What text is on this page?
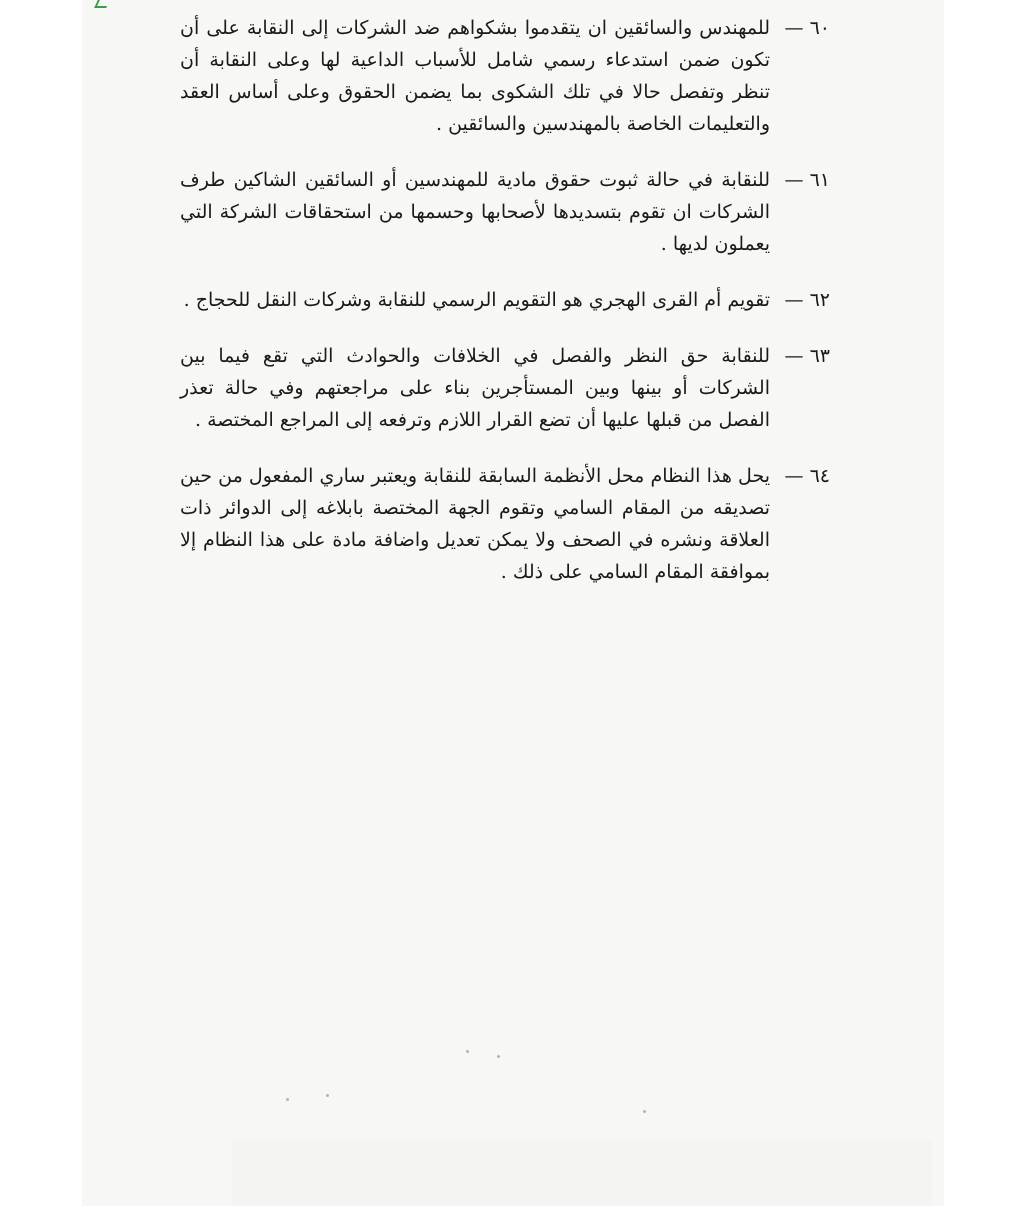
٦٠ —
للمهندس والسائقين ان يتقدموا بشكواهم ضد الشركات إلى النقابة على أن تكون ضمن استدعاء رسمي شامل للأسباب الداعية لها وعلى النقابة أن تنظر وتفصل حالا في تلك الشكوى بما يضمن الحقوق وعلى أساس العقد والتعليمات الخاصة بالمهندسين والسائقين .
٦١ —
للنقابة في حالة ثبوت حقوق مادية للمهندسين أو السائقين الشاكين طرف الشركات ان تقوم بتسديدها لأصحابها وحسمها من استحقاقات الشركة التي يعملون لديها .
٦٢ —
تقويم أم القرى الهجري هو التقويم الرسمي للنقابة وشركات النقل للحجاج .
٦٣ —
للنقابة حق النظر والفصل في الخلافات والحوادث التي تقع فيما بين الشركات أو بينها وبين المستأجرين بناء على مراجعتهم وفي حالة تعذر الفصل من قبلها عليها أن تضع القرار اللازم وترفعه إلى المراجع المختصة .
٦٤ —
يحل هذا النظام محل الأنظمة السابقة للنقابة ويعتبر ساري المفعول من حين تصديقه من المقام السامي وتقوم الجهة المختصة بابلاغه إلى الدوائر ذات العلاقة ونشره في الصحف ولا يمكن تعديل واضافة مادة على هذا النظام إلا بموافقة المقام السامي على ذلك .
